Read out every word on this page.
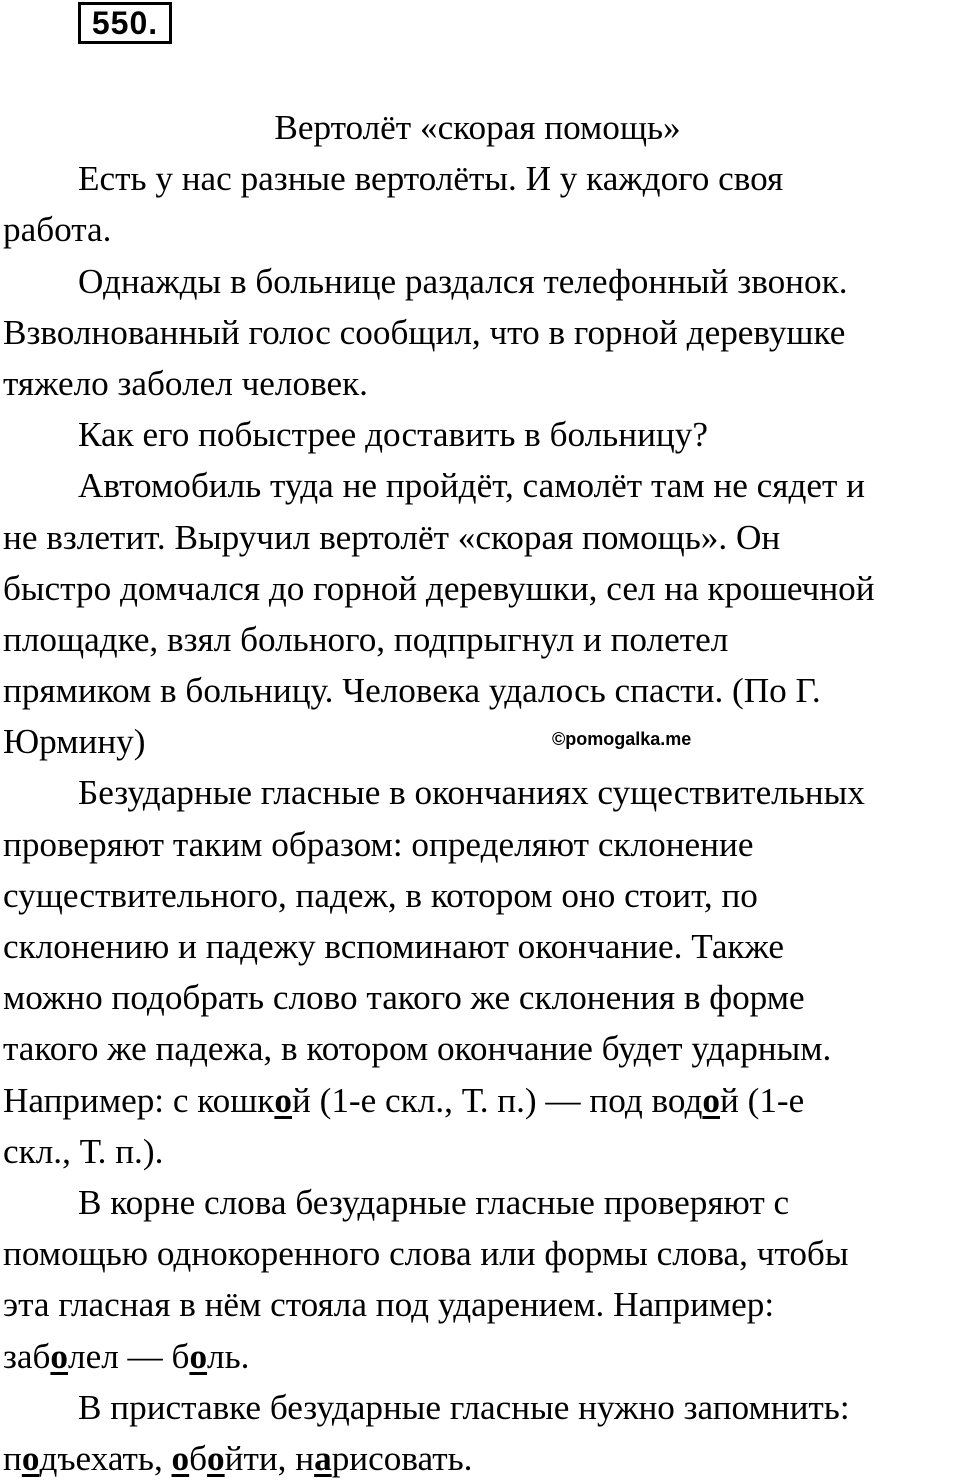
550.
Вертолёт «скорая помощь»
Есть у нас разные вертолёты. И у каждого своя
работа.
Однажды в больнице раздался телефонный звонок.
Взволнованный голос сообщил, что в горной деревушке
тяжело заболел человек.
Как его побыстрее доставить в больницу?
Автомобиль туда не пройдёт, самолёт там не сядет и
не взлетит. Выручил вертолёт «скорая помощь». Он
быстро домчался до горной деревушки, сел на крошечной
площадке, взял больного, подпрыгнул и полетел
прямиком в больницу. Человека удалось спасти. (По Г.
Юрмину)	©pomogalka.me
Безударные гласные в окончаниях существительных
проверяют таким образом: определяют склонение
существительного, падеж, в котором оно стоит, по
склонению и падежу вспоминают окончание. Также
можно подобрать слово такого же склонения в форме
такого же падежа, в котором окончание будет ударным.
Например: с кошкой (1-е скл., Т. п.) — под водой (1-е
скл., Т. п.).
В корне слова безударные гласные проверяют с
помощью однокоренного слова или формы слова, чтобы
эта гласная в нём стояла под ударением. Например:
заболел — боль.
В приставке безударные гласные нужно запомнить:
подъехать, обойти, нарисовать.
